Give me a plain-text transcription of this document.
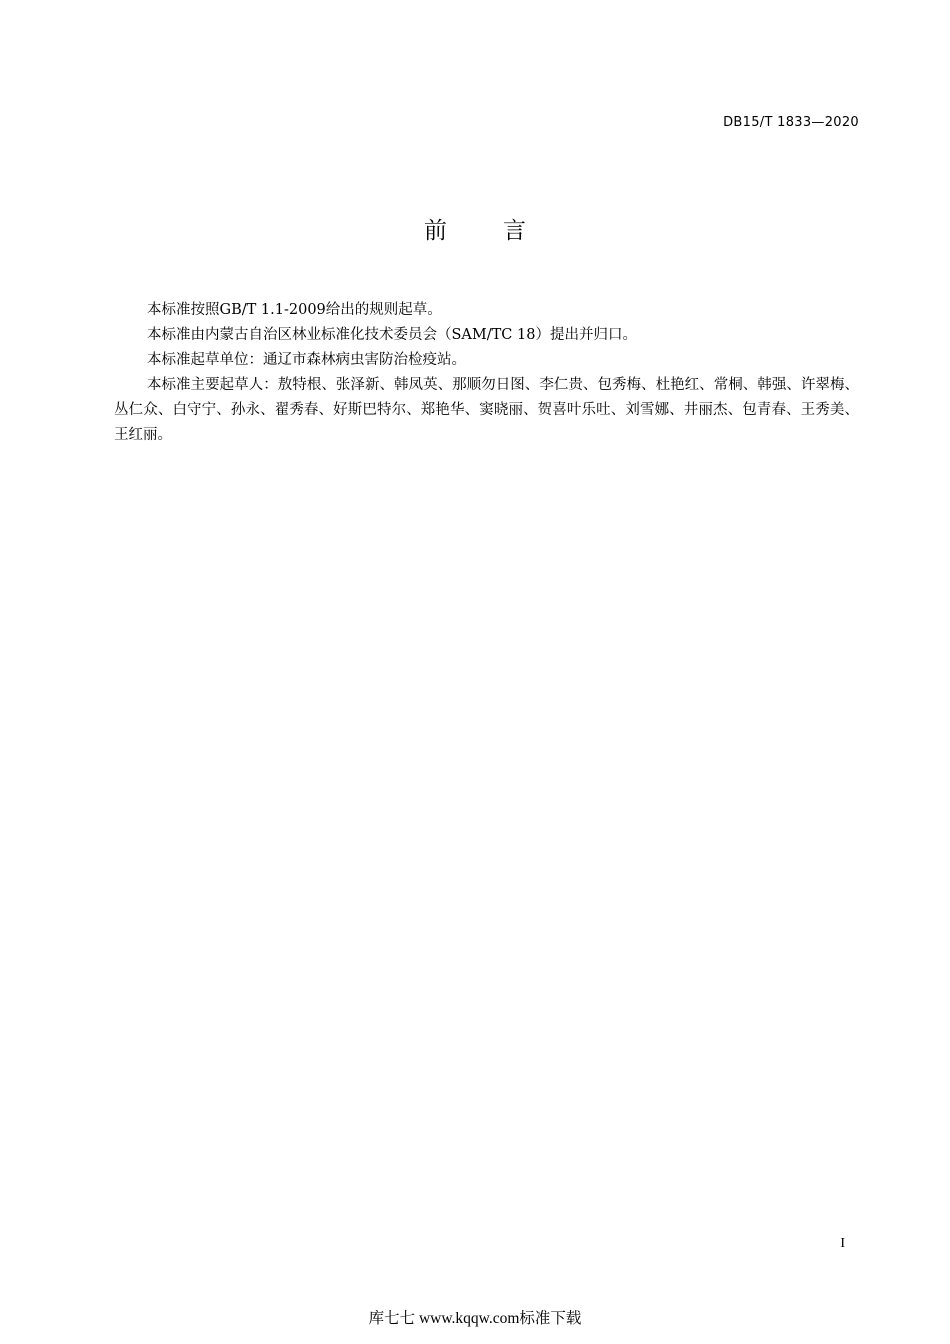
DB15/T 1833—2020
前言

本标准按照GB/T 1.1-2009给出的规则起草。

本标准由内蒙古自治区林业标准化技术委员会（SAM/TC 18）提出并归口。

本标准起草单位：通辽市森林病虫害防治检疫站。

本标准主要起草人：敖特根、张泽新、韩凤英、那顺勿日图、李仁贵、包秀梅、杜艳红、常桐、韩强、许翠梅、丛仁众、白守宁、孙永、翟秀春、好斯巴特尔、郑艳华、窦晓丽、贺喜叶乐吐、刘雪娜、井丽杰、包青春、王秀美、王红丽。

I
库七七 www.kqqw.com标准下载
